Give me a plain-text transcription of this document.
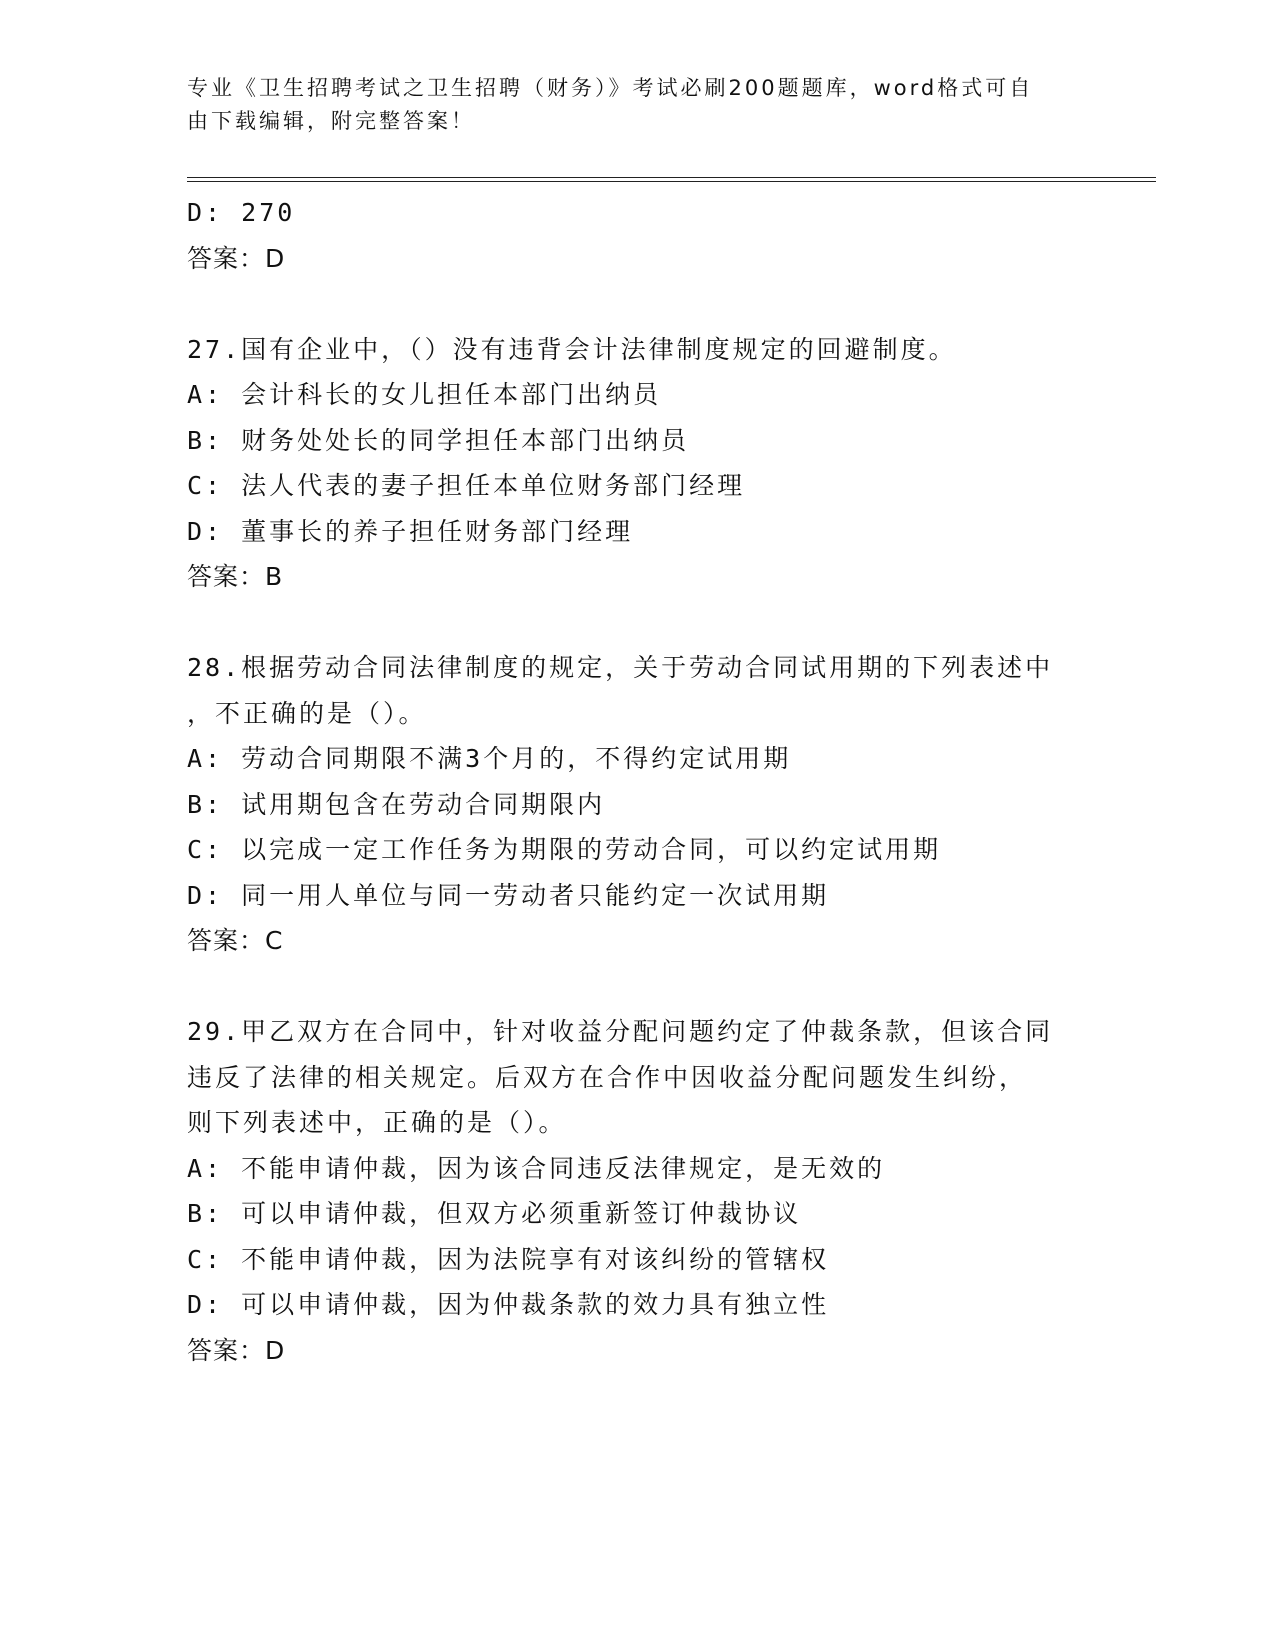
专业《卫生招聘考试之卫生招聘（财务）》考试必刷200题题库，word格式可自
由下载编辑，附完整答案！
D: 270
答案：D
27.国有企业中，（）没有违背会计法律制度规定的回避制度。
A: 会计科长的女儿担任本部门出纳员
B: 财务处处长的同学担任本部门出纳员
C: 法人代表的妻子担任本单位财务部门经理
D: 董事长的养子担任财务部门经理
答案：B
28.根据劳动合同法律制度的规定，关于劳动合同试用期的下列表述中
，不正确的是（）。
A: 劳动合同期限不满3个月的，不得约定试用期
B: 试用期包含在劳动合同期限内
C: 以完成一定工作任务为期限的劳动合同，可以约定试用期
D: 同一用人单位与同一劳动者只能约定一次试用期
答案：C
29.甲乙双方在合同中，针对收益分配问题约定了仲裁条款，但该合同
违反了法律的相关规定。后双方在合作中因收益分配问题发生纠纷，
则下列表述中，正确的是（）。
A: 不能申请仲裁，因为该合同违反法律规定，是无效的
B: 可以申请仲裁，但双方必须重新签订仲裁协议
C: 不能申请仲裁，因为法院享有对该纠纷的管辖权
D: 可以申请仲裁，因为仲裁条款的效力具有独立性
答案：D
